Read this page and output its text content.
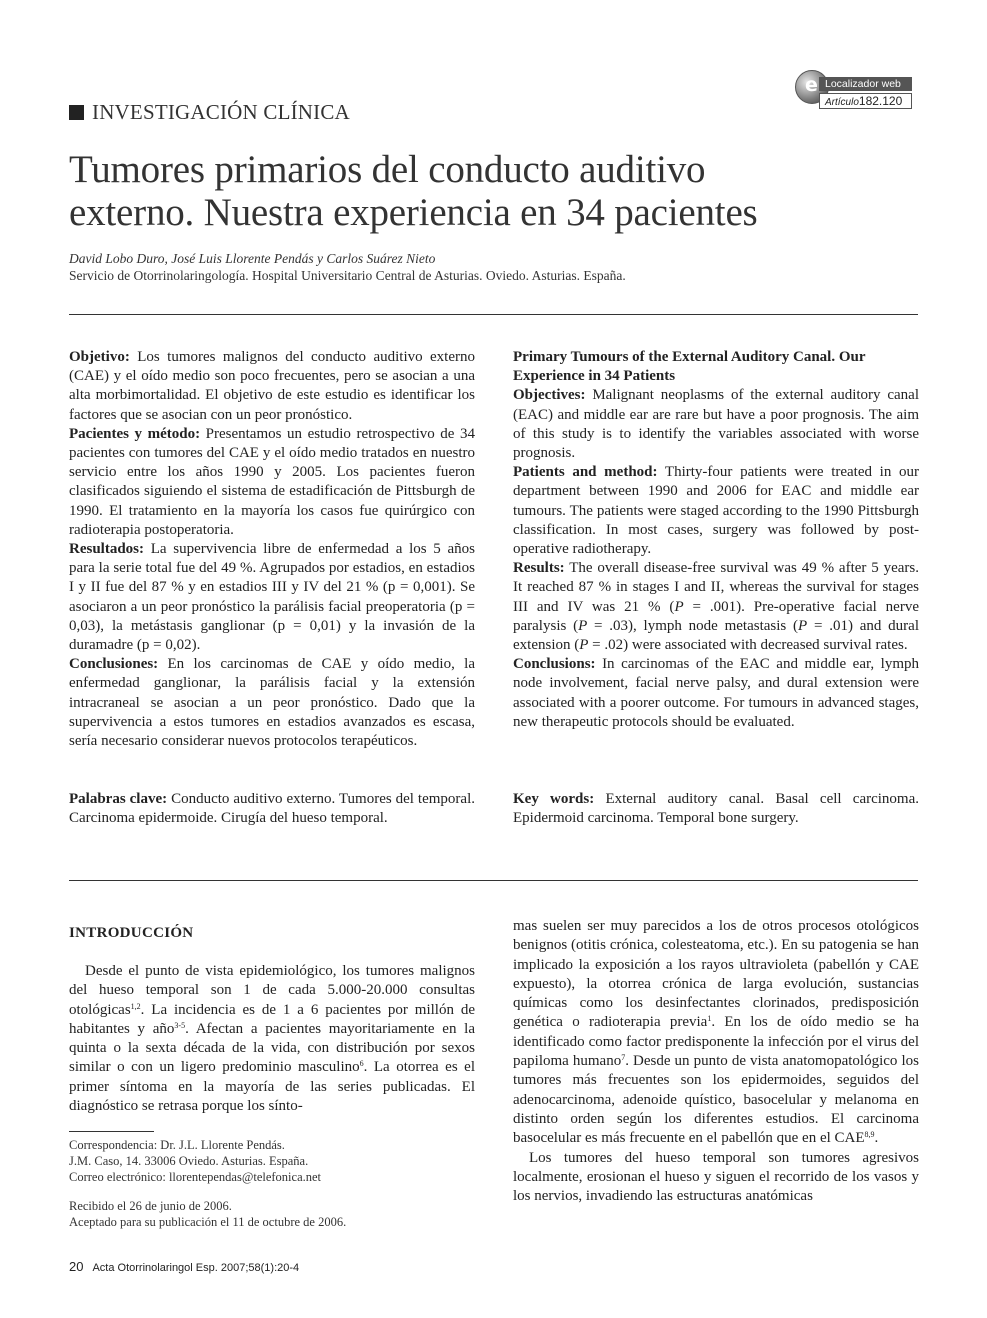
INVESTIGACIÓN CLÍNICA
e Localizador web
Artículo182.120
Tumores primarios del conducto auditivo
externo. Nuestra experiencia en 34 pacientes
David Lobo Duro, José Luis Llorente Pendás y Carlos Suárez Nieto
Servicio de Otorrinolaringología. Hospital Universitario Central de Asturias. Oviedo. Asturias. España.

Objetivo: Los tumores malignos del conducto auditivo externo (CAE) y el oído medio son poco frecuentes, pero se asocian a una alta morbimortalidad. El objetivo de este estudio es identificar los factores que se asocian con un peor pronóstico.

Pacientes y método: Presentamos un estudio retrospectivo de 34 pacientes con tumores del CAE y el oído medio tratados en nuestro servicio entre los años 1990 y 2005. Los pacientes fueron clasificados siguiendo el sistema de estadificación de Pittsburgh de 1990. El tratamiento en la mayoría los casos fue quirúrgico con radioterapia postoperatoria.

Resultados: La supervivencia libre de enfermedad a los 5 años para la serie total fue del 49 %. Agrupados por estadios, en estadios I y II fue del 87 % y en estadios III y IV del 21 % (p = 0,001). Se asociaron a un peor pronóstico la parálisis facial preoperatoria (p = 0,03), la metástasis ganglionar (p = 0,01) y la invasión de la duramadre (p = 0,02).

Conclusiones: En los carcinomas de CAE y oído medio, la enfermedad ganglionar, la parálisis facial y la extensión intracraneal se asocian a un peor pronóstico. Dado que la supervivencia a estos tumores en estadios avanzados es escasa, sería necesario considerar nuevos protocolos terapéuticos.

Palabras clave: Conducto auditivo externo. Tumores del temporal. Carcinoma epidermoide. Cirugía del hueso temporal.

Primary Tumours of the External Auditory Canal. Our Experience in 34 Patients

Objectives: Malignant neoplasms of the external auditory canal (EAC) and middle ear are rare but have a poor prognosis. The aim of this study is to identify the variables associated with worse prognosis.

Patients and method: Thirty-four patients were treated in our department between 1990 and 2006 for EAC and middle ear tumours. The patients were staged according to the 1990 Pittsburgh classification. In most cases, surgery was followed by post-operative radiotherapy.

Results: The overall disease-free survival was 49 % after 5 years. It reached 87 % in stages I and II, whereas the survival for stages III and IV was 21 % (P = .001). Pre-operative facial nerve paralysis (P = .03), lymph node metastasis (P = .01) and dural extension (P = .02) were associated with decreased survival rates.

Conclusions: In carcinomas of the EAC and middle ear, lymph node involvement, facial nerve palsy, and dural extension were associated with a poorer outcome. For tumours in advanced stages, new therapeutic protocols should be evaluated.

Key words: External auditory canal. Basal cell carcinoma. Epidermoid carcinoma. Temporal bone surgery.

INTRODUCCIÓN

Desde el punto de vista epidemiológico, los tumores malignos del hueso temporal son 1 de cada 5.000-20.000 consultas otológicas$^{1,2}$. La incidencia es de 1 a 6 pacientes por millón de habitantes y año$^{3-5}$. Afectan a pacientes mayoritariamente en la quinta o la sexta década de la vida, con distribución por sexos similar o con un ligero predominio masculino$^6$. La otorrea es el primer síntoma en la mayoría de las series publicadas. El diagnóstico se retrasa porque los sínto-

mas suelen ser muy parecidos a los de otros procesos otológicos benignos (otitis crónica, colesteatoma, etc.). En su patogenia se han implicado la exposición a los rayos ultravioleta (pabellón y CAE expuesto), la otorrea crónica de larga evolución, sustancias químicas como los desinfectantes clorinados, predisposición genética o radioterapia previa$^1$. En los de oído medio se ha identificado como factor predisponente la infección por el virus del papiloma humano$^7$. Desde un punto de vista anatomopatológico los tumores más frecuentes son los epidermoides, seguidos del adenocarcinoma, adenoide quístico, basocelular y melanoma en distinto orden según los diferentes estudios. El carcinoma basocelular es más frecuente en el pabellón que en el CAE$^{8,9}$.

Los tumores del hueso temporal son tumores agresivos localmente, erosionan el hueso y siguen el recorrido de los vasos y los nervios, invadiendo las estructuras anatómicas

Correspondencia: Dr. J.L. Llorente Pendás.
J.M. Caso, 14. 33006 Oviedo. Asturias. España.
Correo electrónico: llorentependas@telefonica.net
Recibido el 26 de junio de 2006.
Aceptado para su publicación el 11 de octubre de 2006.
20 Acta Otorrinolaringol Esp. 2007;58(1):20-4
